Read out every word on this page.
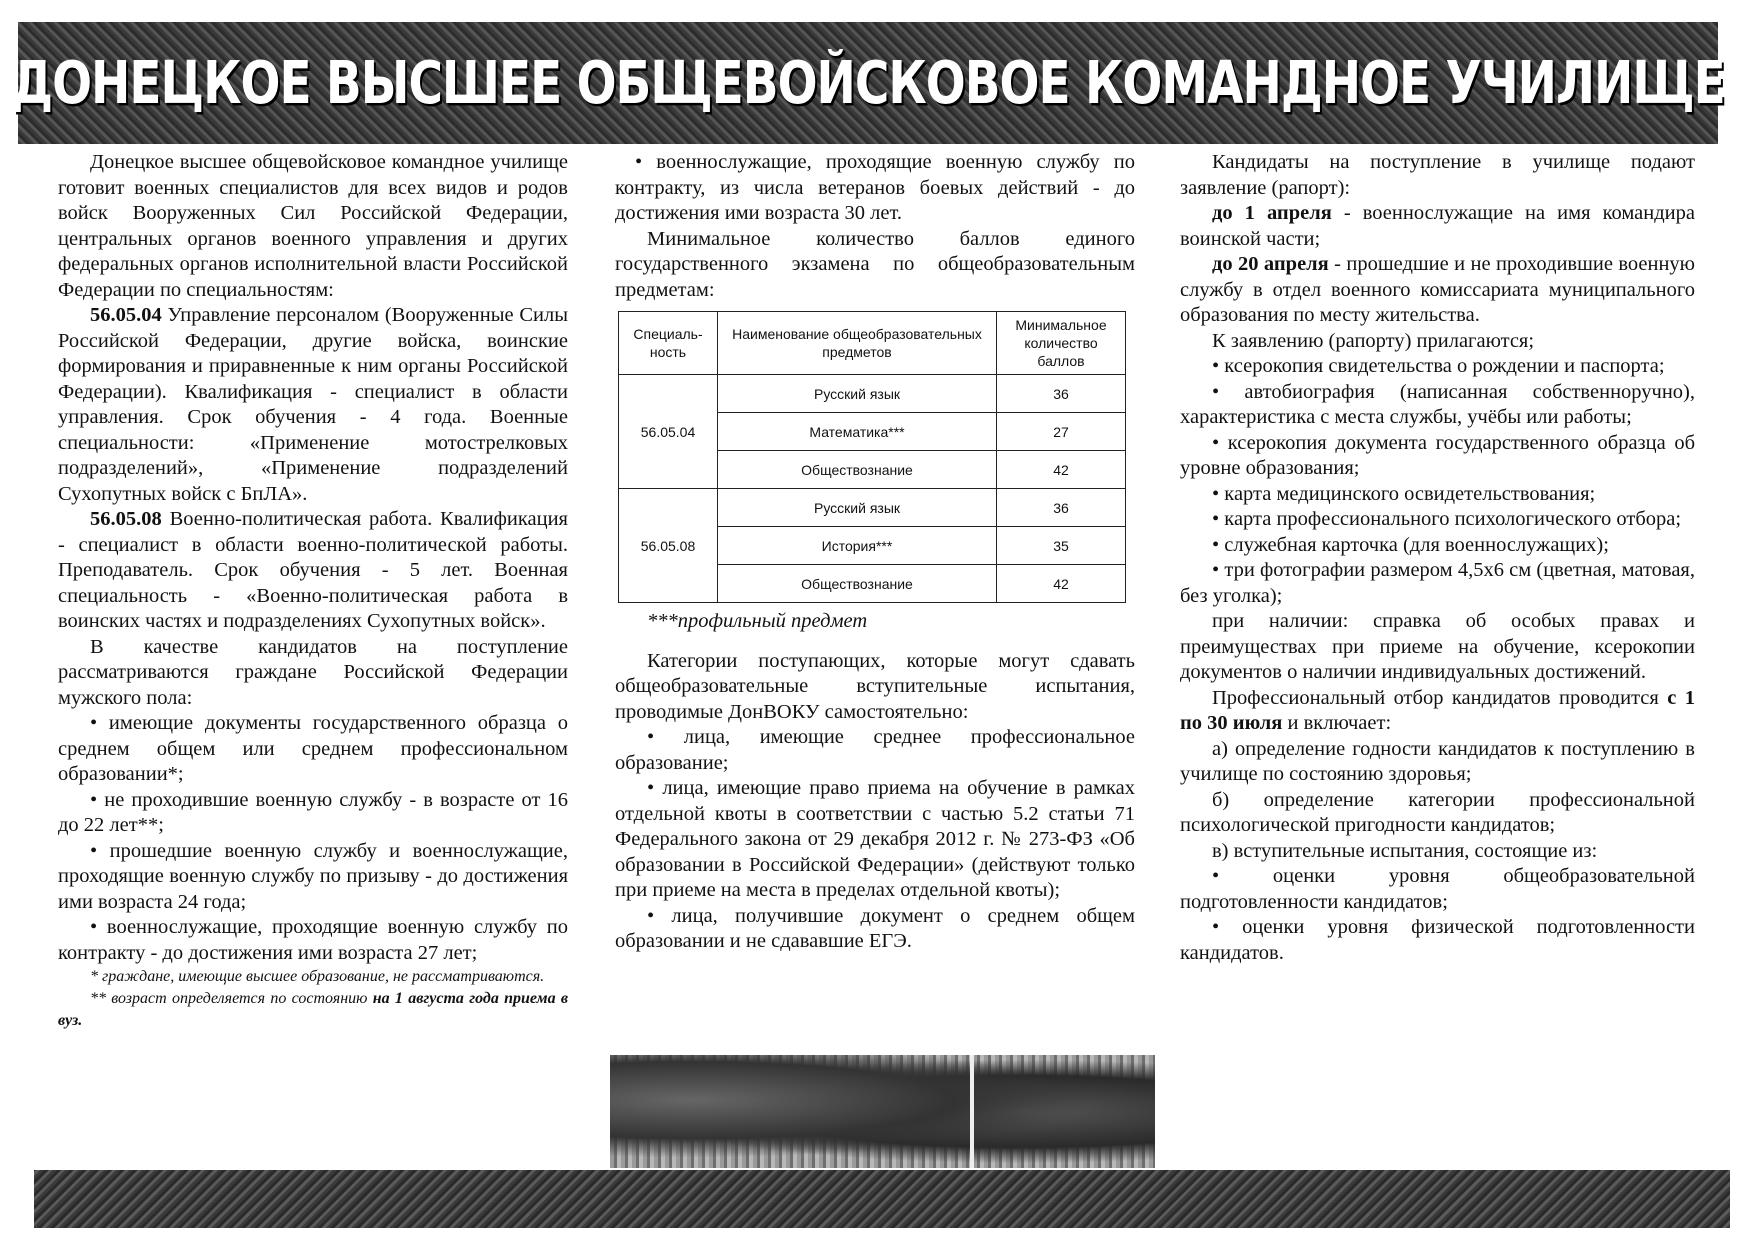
ДОНЕЦКОЕ ВЫСШЕЕ ОБЩЕВОЙСКОВОЕ КОМАНДНОЕ УЧИЛИЩЕ

Донецкое высшее общевойсковое командное училище готовит военных специалистов для всех видов и родов войск Вооруженных Сил Российской Федерации, центральных органов военного управления и других федеральных органов исполнительной власти Российской Федерации по специальностям:

56.05.04 Управление персоналом (Вооруженные Силы Российской Федерации, другие войска, воинские формирования и приравненные к ним органы Российской Федерации). Квалификация - специалист в области управления. Срок обучения - 4 года. Военные специальности: «Применение мотострелковых подразделений», «Применение подразделений Сухопутных войск с БпЛА».

56.05.08 Военно-политическая работа. Квалификация - специалист в области военно-политической работы. Преподаватель. Срок обучения - 5 лет. Военная специальность - «Военно-политическая работа в воинских частях и подразделениях Сухопутных войск».

В качестве кандидатов на поступление рассматриваются граждане Российской Федерации мужского пола:

• имеющие документы государственного образца о среднем общем или среднем профессиональном образовании*;

• не проходившие военную службу - в возрасте от 16 до 22 лет**;

• прошедшие военную службу и военнослужащие, проходящие военную службу по призыву - до достижения ими возраста 24 года;

• военнослужащие, проходящие военную службу по контракту - до достижения ими возраста 27 лет;

* граждане, имеющие высшее образование, не рассматриваются.

** возраст определяется по состоянию на 1 августа года приема в вуз.

• военнослужащие, проходящие военную службу по контракту, из числа ветеранов боевых действий - до достижения ими возраста 30 лет.

Минимальное количество баллов единого государственного экзамена по общеобразовательным предметам:

Специаль-ность	Наименование общеобразовательных предметов	Минимальное количество баллов
56.05.04	Русский язык	36
	Математика***	27
	Обществознание	42
56.05.08	Русский язык	36
	История***	35
	Обществознание	42

***профильный предмет

Категории поступающих, которые могут сдавать общеобразовательные вступительные испытания, проводимые ДонВОКУ самостоятельно:

• лица, имеющие среднее профессиональное образование;

• лица, имеющие право приема на обучение в рамках отдельной квоты в соответствии с частью 5.2 статьи 71 Федерального закона от 29 декабря 2012 г. № 273-ФЗ «Об образовании в Российской Федерации» (действуют только при приеме на места в пределах отдельной квоты);

• лица, получившие документ о среднем общем образовании и не сдававшие ЕГЭ.

Кандидаты на поступление в училище подают заявление (рапорт):

до 1 апреля - военнослужащие на имя командира воинской части;

до 20 апреля - прошедшие и не проходившие военную службу в отдел военного комиссариата муниципального образования по месту жительства.

К заявлению (рапорту) прилагаются;

• ксерокопия свидетельства о рождении и паспорта;

• автобиография (написанная собственноручно), характеристика с места службы, учёбы или работы;

• ксерокопия документа государственного образца об уровне образования;

• карта медицинского освидетельствования;

• карта профессионального психологического отбора;

• служебная карточка (для военнослужащих);

• три фотографии размером 4,5х6 см (цветная, матовая, без уголка);

при наличии: справка об особых правах и преимуществах при приеме на обучение, ксерокопии документов о наличии индивидуальных достижений.

Профессиональный отбор кандидатов проводится с 1 по 30 июля и включает:

а) определение годности кандидатов к поступлению в училище по состоянию здоровья;

б) определение категории профессиональной психологической пригодности кандидатов;

в) вступительные испытания, состоящие из:

• оценки уровня общеобразовательной подготовленности кандидатов;

• оценки уровня физической подготовленности кандидатов.
